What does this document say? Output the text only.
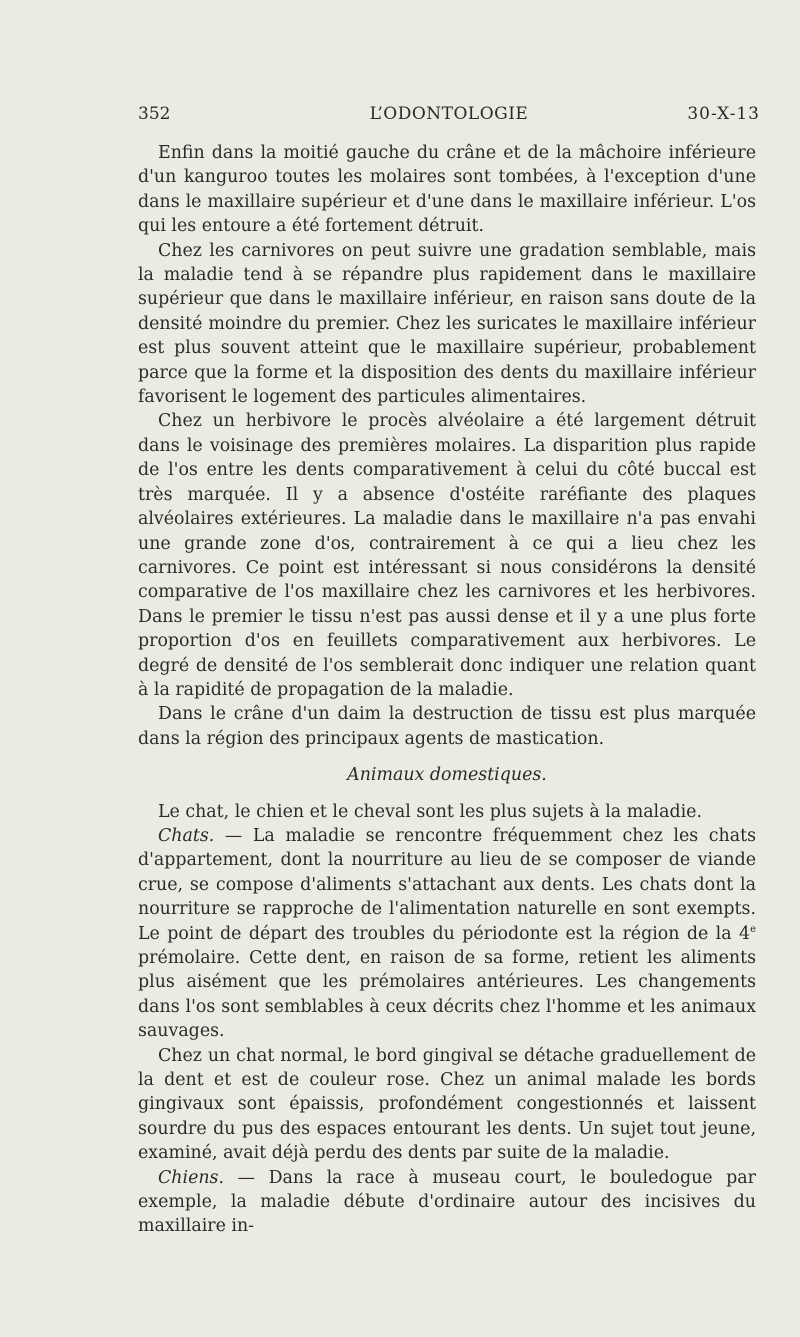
352	L’ODONTOLOGIE	30-X-13

Enfin dans la moitié gauche du crâne et de la mâchoire inférieure d'un kanguroo toutes les molaires sont tombées, à l'exception d'une dans le maxillaire supérieur et d'une dans le maxillaire inférieur. L'os qui les entoure a été fortement détruit.

Chez les carnivores on peut suivre une gradation semblable, mais la maladie tend à se répandre plus rapidement dans le maxillaire supérieur que dans le maxillaire inférieur, en raison sans doute de la densité moindre du premier. Chez les suricates le maxillaire inférieur est plus souvent atteint que le maxillaire supérieur, probablement parce que la forme et la disposition des dents du maxillaire inférieur favorisent le logement des particules alimentaires.

Chez un herbivore le procès alvéolaire a été largement détruit dans le voisinage des premières molaires. La disparition plus rapide de l'os entre les dents comparativement à celui du côté buccal est très marquée. Il y a absence d'ostéite raréfiante des plaques alvéolaires extérieures. La maladie dans le maxillaire n'a pas envahi une grande zone d'os, contrairement à ce qui a lieu chez les carnivores. Ce point est intéressant si nous considérons la densité comparative de l'os maxillaire chez les carnivores et les herbivores. Dans le premier le tissu n'est pas aussi dense et il y a une plus forte proportion d'os en feuillets comparativement aux herbivores. Le degré de densité de l'os semblerait donc indiquer une relation quant à la rapidité de propagation de la maladie.

Dans le crâne d'un daim la destruction de tissu est plus marquée dans la région des principaux agents de mastication.

Animaux domestiques.

Le chat, le chien et le cheval sont les plus sujets à la maladie.

Chats. — La maladie se rencontre fréquemment chez les chats d'appartement, dont la nourriture au lieu de se composer de viande crue, se compose d'aliments s'attachant aux dents. Les chats dont la nourriture se rapproche de l'alimentation naturelle en sont exempts. Le point de départ des troubles du périodonte est la région de la 4e prémolaire. Cette dent, en raison de sa forme, retient les aliments plus aisément que les prémolaires antérieures. Les changements dans l'os sont semblables à ceux décrits chez l'homme et les animaux sauvages.

Chez un chat normal, le bord gingival se détache graduellement de la dent et est de couleur rose. Chez un animal malade les bords gingivaux sont épaissis, profondément congestionnés et laissent sourdre du pus des espaces entourant les dents. Un sujet tout jeune, examiné, avait déjà perdu des dents par suite de la maladie.

Chiens. — Dans la race à museau court, le bouledogue par exemple, la maladie débute d'ordinaire autour des incisives du maxillaire in-
